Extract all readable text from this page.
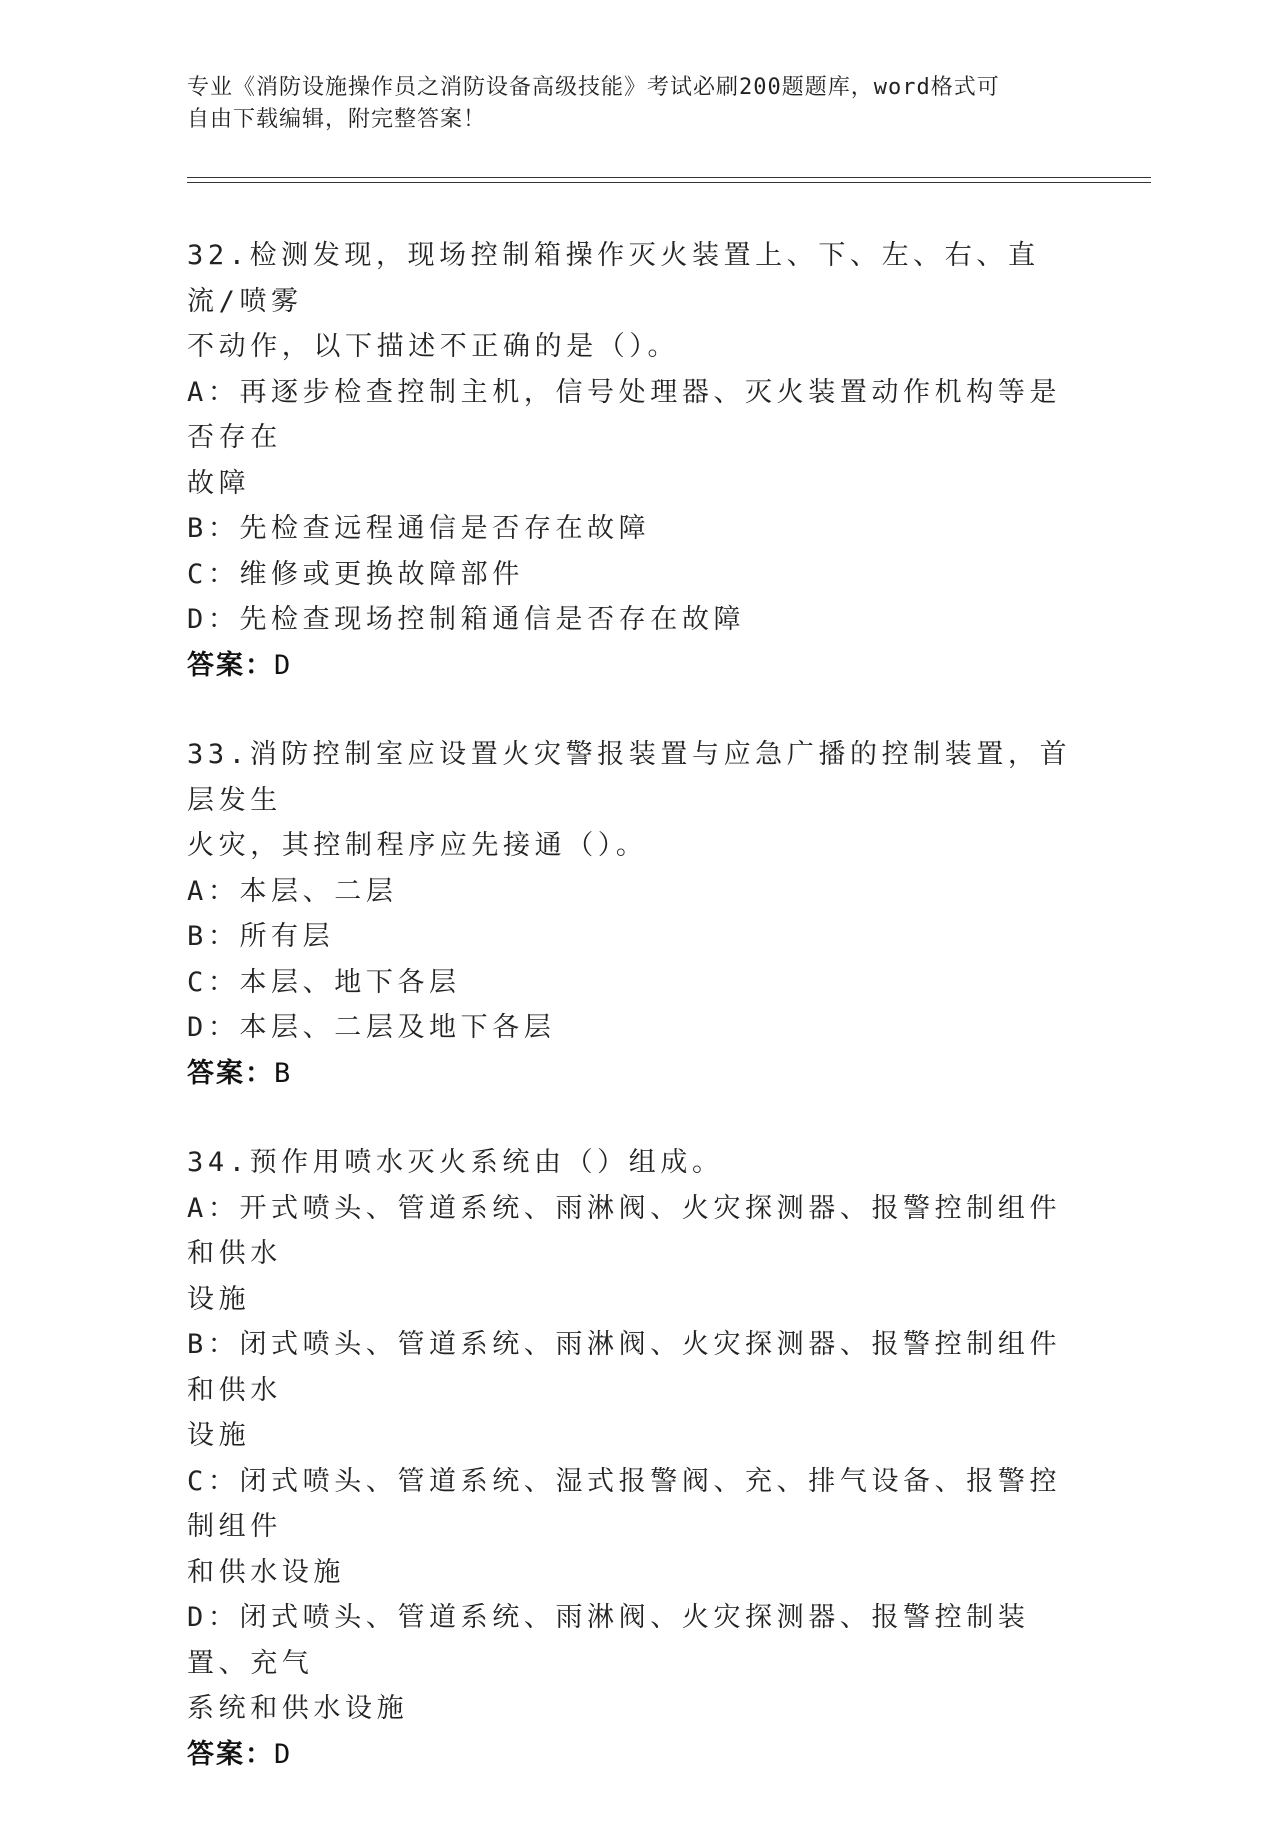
专业《消防设施操作员之消防设备高级技能》考试必刷200题题库，word格式可
自由下载编辑，附完整答案！
32.检测发现，现场控制箱操作灭火装置上、下、左、右、直流/喷雾
不动作，以下描述不正确的是（）。
A：再逐步检查控制主机，信号处理器、灭火装置动作机构等是否存在
故障
B：先检查远程通信是否存在故障
C：维修或更换故障部件
D：先检查现场控制箱通信是否存在故障
答案：D
33.消防控制室应设置火灾警报装置与应急广播的控制装置，首层发生
火灾，其控制程序应先接通（）。
A：本层、二层
B：所有层
C：本层、地下各层
D：本层、二层及地下各层
答案：B
34.预作用喷水灭火系统由（）组成。
A：开式喷头、管道系统、雨淋阀、火灾探测器、报警控制组件和供水
设施
B：闭式喷头、管道系统、雨淋阀、火灾探测器、报警控制组件和供水
设施
C：闭式喷头、管道系统、湿式报警阀、充、排气设备、报警控制组件
和供水设施
D：闭式喷头、管道系统、雨淋阀、火灾探测器、报警控制装置、充气
系统和供水设施
答案：D
